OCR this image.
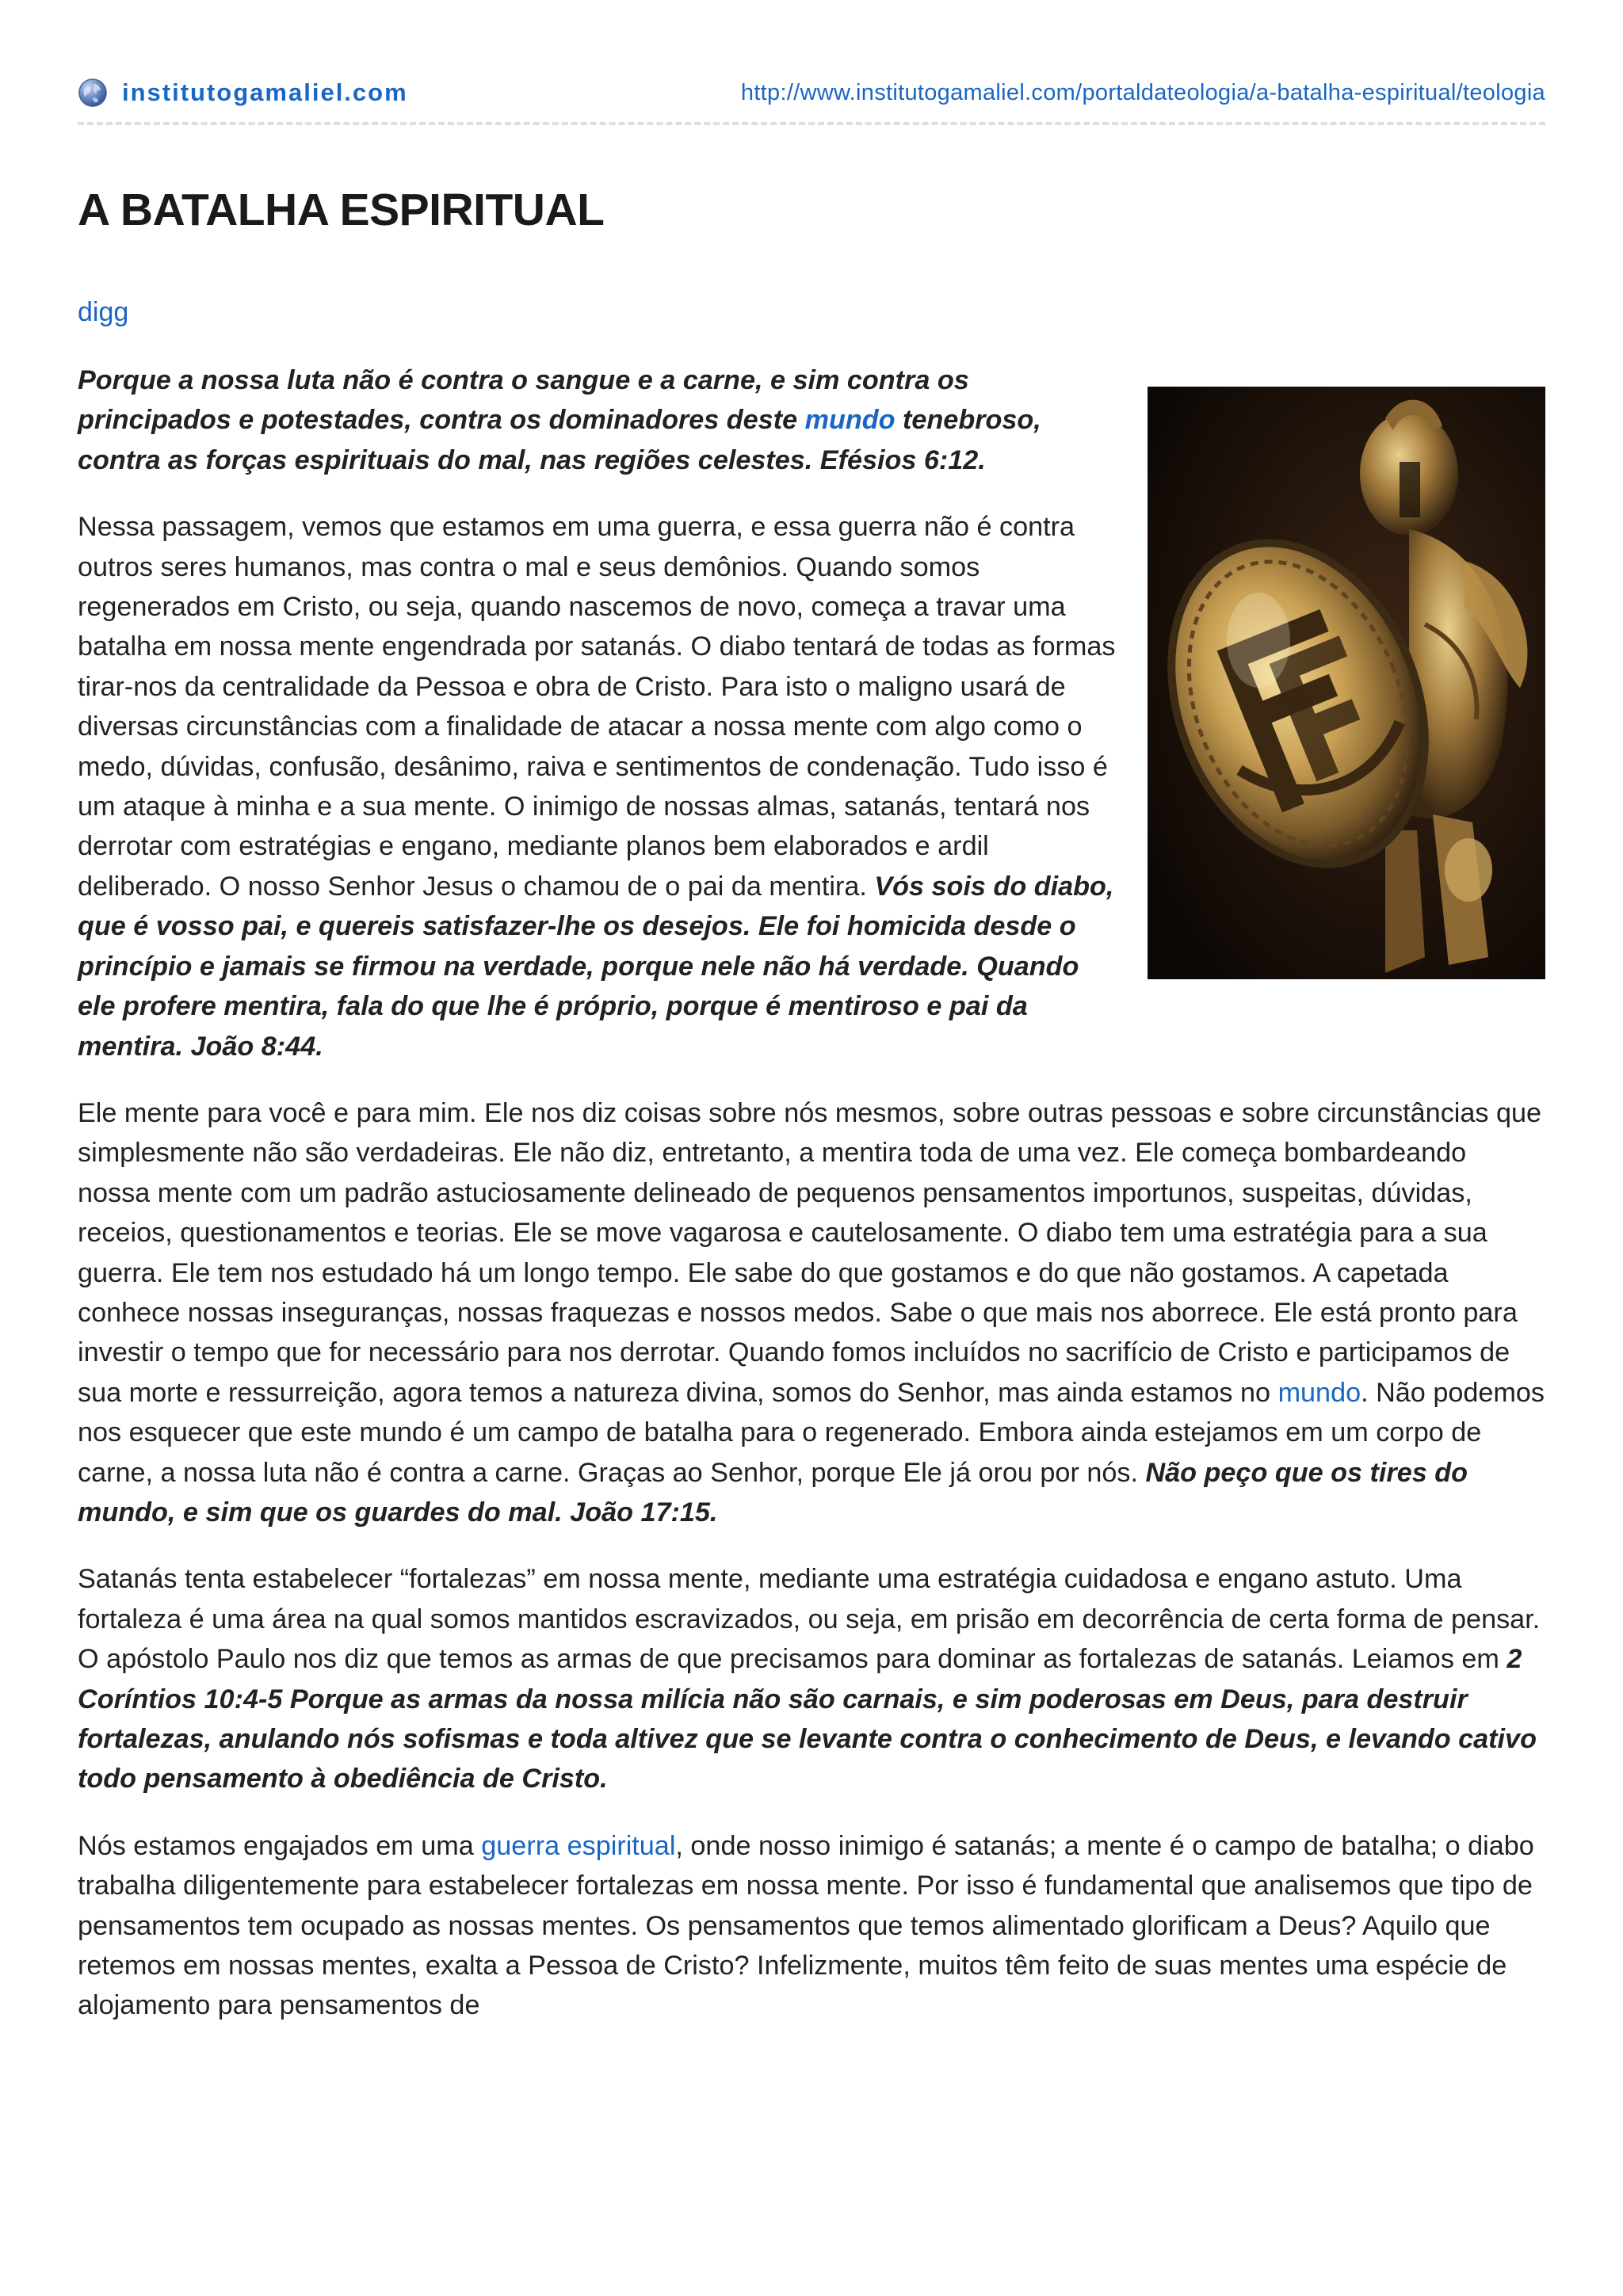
institutogamaliel.com	http://www.institutogamaliel.com/portaldateologia/a-batalha-espiritual/teologia
A BATALHA ESPIRITUAL
digg

Porque a nossa luta não é contra o sangue e a carne, e sim contra os principados e potestades, contra os dominadores deste mundo tenebroso, contra as forças espirituais do mal, nas regiões celestes. Efésios 6:12.

Nessa passagem, vemos que estamos em uma guerra, e essa guerra não é contra outros seres humanos, mas contra o mal e seus demônios. Quando somos regenerados em Cristo, ou seja, quando nascemos de novo, começa a travar uma batalha em nossa mente engendrada por satanás. O diabo tentará de todas as formas tirar-nos da centralidade da Pessoa e obra de Cristo. Para isto o maligno usará de diversas circunstâncias com a finalidade de atacar a nossa mente com algo como o medo, dúvidas, confusão, desânimo, raiva e sentimentos de condenação. Tudo isso é um ataque à minha e a sua mente. O inimigo de nossas almas, satanás, tentará nos derrotar com estratégias e engano, mediante planos bem elaborados e ardil deliberado. O nosso Senhor Jesus o chamou de o pai da mentira. Vós sois do diabo, que é vosso pai, e quereis satisfazer-lhe os desejos. Ele foi homicida desde o princípio e jamais se firmou na verdade, porque nele não há verdade. Quando ele profere mentira, fala do que lhe é próprio, porque é mentiroso e pai da mentira. João 8:44.

Ele mente para você e para mim. Ele nos diz coisas sobre nós mesmos, sobre outras pessoas e sobre circunstâncias que simplesmente não são verdadeiras. Ele não diz, entretanto, a mentira toda de uma vez. Ele começa bombardeando nossa mente com um padrão astuciosamente delineado de pequenos pensamentos importunos, suspeitas, dúvidas, receios, questionamentos e teorias. Ele se move vagarosa e cautelosamente. O diabo tem uma estratégia para a sua guerra. Ele tem nos estudado há um longo tempo. Ele sabe do que gostamos e do que não gostamos. A capetada conhece nossas inseguranças, nossas fraquezas e nossos medos. Sabe o que mais nos aborrece. Ele está pronto para investir o tempo que for necessário para nos derrotar. Quando fomos incluídos no sacrifício de Cristo e participamos de sua morte e ressurreição, agora temos a natureza divina, somos do Senhor, mas ainda estamos no mundo. Não podemos nos esquecer que este mundo é um campo de batalha para o regenerado. Embora ainda estejamos em um corpo de carne, a nossa luta não é contra a carne. Graças ao Senhor, porque Ele já orou por nós. Não peço que os tires do mundo, e sim que os guardes do mal. João 17:15.

Satanás tenta estabelecer “fortalezas” em nossa mente, mediante uma estratégia cuidadosa e engano astuto. Uma fortaleza é uma área na qual somos mantidos escravizados, ou seja, em prisão em decorrência de certa forma de pensar. O apóstolo Paulo nos diz que temos as armas de que precisamos para dominar as fortalezas de satanás. Leiamos em 2 Coríntios 10:4-5 Porque as armas da nossa milícia não são carnais, e sim poderosas em Deus, para destruir fortalezas, anulando nós sofismas e toda altivez que se levante contra o conhecimento de Deus, e levando cativo todo pensamento à obediência de Cristo.

Nós estamos engajados em uma guerra espiritual, onde nosso inimigo é satanás; a mente é o campo de batalha; o diabo trabalha diligentemente para estabelecer fortalezas em nossa mente. Por isso é fundamental que analisemos que tipo de pensamentos tem ocupado as nossas mentes. Os pensamentos que temos alimentado glorificam a Deus? Aquilo que retemos em nossas mentes, exalta a Pessoa de Cristo? Infelizmente, muitos têm feito de suas mentes uma espécie de alojamento para pensamentos de
